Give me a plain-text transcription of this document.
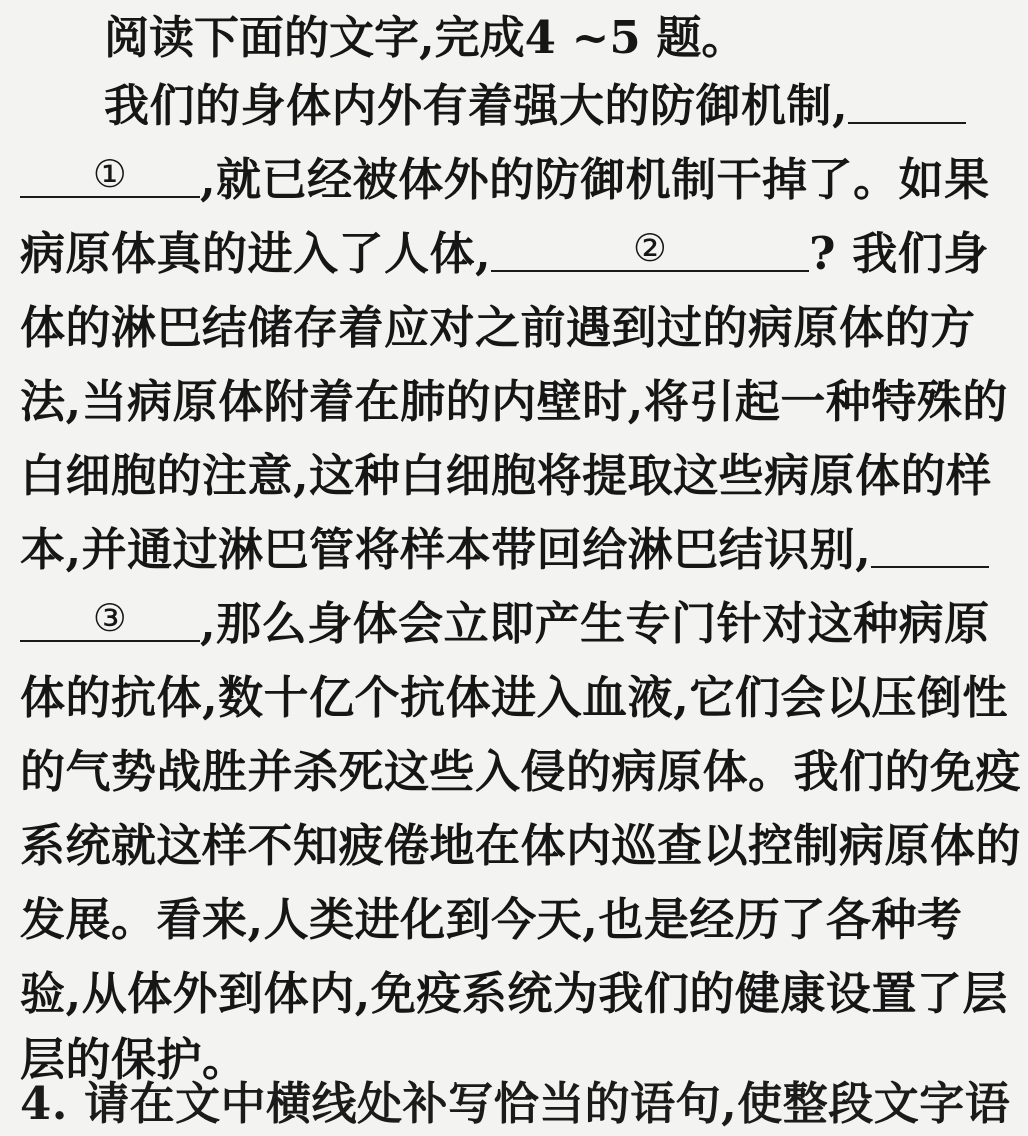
阅读下面的文字,完成4 ~5 题。
我们的身体内外有着强大的防御机制,
① ,就已经被体外的防御机制干掉了。如果
病原体真的进入了人体,	②	? 我们身
体的淋巴结储存着应对之前遇到过的病原体的方
法,当病原体附着在肺的内壁时,将引起一种特殊的
白细胞的注意,这种白细胞将提取这些病原体的样
本,并通过淋巴管将样本带回给淋巴结识别,
③ ,那么身体会立即产生专门针对这种病原
体的抗体,数十亿个抗体进入血液,它们会以压倒性
的气势战胜并杀死这些入侵的病原体。我们的免疫
系统就这样不知疲倦地在体内巡查以控制病原体的
发展。看来,人类进化到今天,也是经历了各种考
验,从体外到体内,免疫系统为我们的健康设置了层
层的保护。
4. 请在文中横线处补写恰当的语句,使整段文字语
